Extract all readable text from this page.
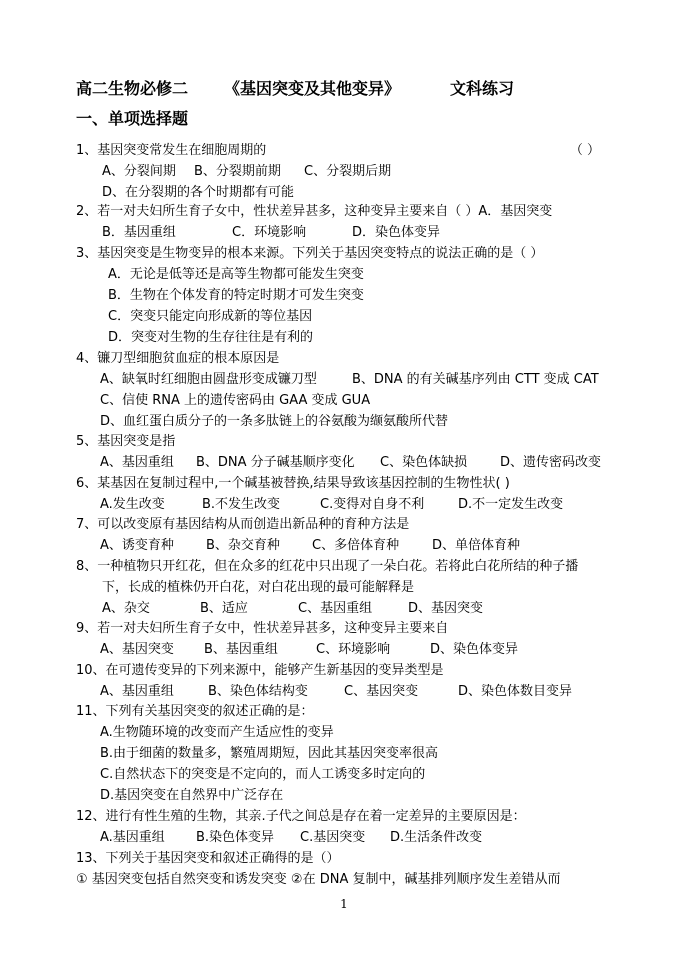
高二生物必修二 《基因突变及其他变异》	文科练习
一、单项选择题
1、基因突变常发生在细胞周期的	（ ）
A、分裂间期	B、分裂期前期	C、分裂期后期
D、在分裂期的各个时期都有可能
2、若一对夫妇所生育子女中，性状差异甚多，这种变异主要来自（ ）A．基因突变
B．基因重组	C．环境影响	D．染色体变异
3、基因突变是生物变异的根本来源。下列关于基因突变特点的说法正确的是（ ）
A．无论是低等还是高等生物都可能发生突变
B．生物在个体发育的特定时期才可发生突变
C．突变只能定向形成新的等位基因
D．突变对生物的生存往往是有利的
4、镰刀型细胞贫血症的根本原因是
A、缺氧时红细胞由圆盘形变成镰刀型	B、DNA 的有关碱基序列由 CTT 变成 CAT
C、信使 RNA 上的遗传密码由 GAA 变成 GUA
D、血红蛋白质分子的一条多肽链上的谷氨酸为缬氨酸所代替
5、基因突变是指
A、基因重组	B、DNA 分子碱基顺序变化	C、染色体缺损	D、遗传密码改变
6、某基因在复制过程中,一个碱基被替换,结果导致该基因控制的生物性状( )
A.发生改变	B.不发生改变	C.变得对自身不利	D.不一定发生改变
7、可以改变原有基因结构从而创造出新品种的育种方法是
A、诱变育种	B、杂交育种	C、多倍体育种	D、单倍体育种
8、一种植物只开红花，但在众多的红花中只出现了一朵白花。若将此白花所结的种子播
下，长成的植株仍开白花，对白花出现的最可能解释是
A、杂交	B、适应	C、基因重组	D、基因突变
9、若一对夫妇所生育子女中，性状差异甚多，这种变异主要来自
A、基因突变	B、基因重组	C、环境影响	D、染色体变异
10、在可遗传变异的下列来源中，能够产生新基因的变异类型是
A、基因重组	B、染色体结构变	C、基因突变	D、染色体数目变异
11、下列有关基因突变的叙述正确的是：
A.生物随环境的改变而产生适应性的变异
B.由于细菌的数量多，繁殖周期短，因此其基因突变率很高
C.自然状态下的突变是不定向的，而人工诱变多时定向的
D.基因突变在自然界中广泛存在
12、进行有性生殖的生物，其亲.子代之间总是存在着一定差异的主要原因是：
A.基因重组	B.染色体变异	C.基因突变	D.生活条件改变
13、下列关于基因突变和叙述正确得的是（）
① 基因突变包括自然突变和诱发突变 ②在 DNA 复制中，碱基排列顺序发生差错从而
1
